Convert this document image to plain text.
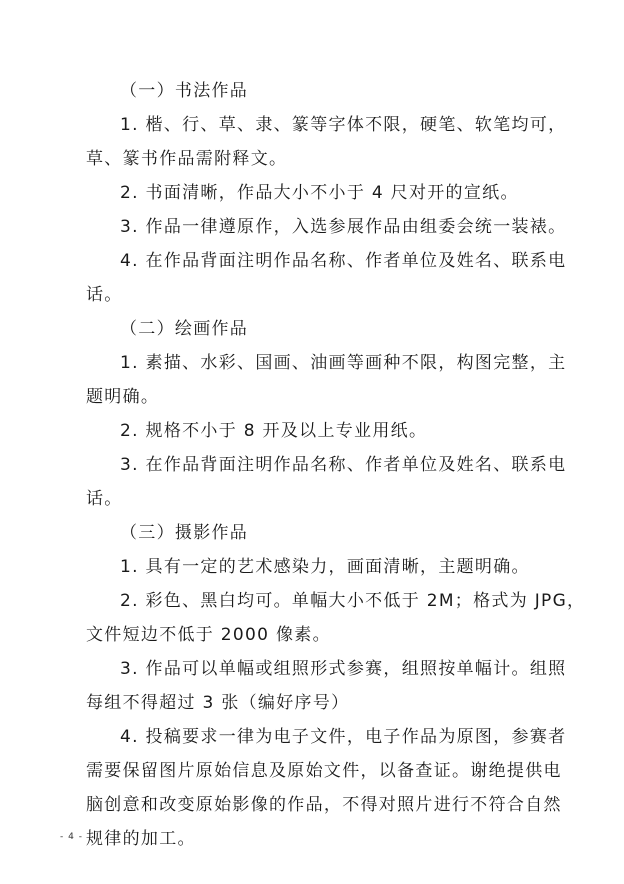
（一）书法作品

1. 楷、行、草、隶、篆等字体不限，硬笔、软笔均可，

草、篆书作品需附释文。

2. 书面清晰，作品大小不小于 4 尺对开的宣纸。

3. 作品一律遵原作，入选参展作品由组委会统一装裱。

4. 在作品背面注明作品名称、作者单位及姓名、联系电

话。

（二）绘画作品

1. 素描、水彩、国画、油画等画种不限，构图完整，主

题明确。

2. 规格不小于 8 开及以上专业用纸。

3. 在作品背面注明作品名称、作者单位及姓名、联系电

话。

（三）摄影作品

1. 具有一定的艺术感染力，画面清晰，主题明确。

2. 彩色、黑白均可。单幅大小不低于 2M；格式为 JPG，

文件短边不低于 2000 像素。

3. 作品可以单幅或组照形式参赛，组照按单幅计。组照

每组不得超过 3 张（编好序号）

4. 投稿要求一律为电子文件，电子作品为原图，参赛者

需要保留图片原始信息及原始文件，以备查证。谢绝提供电

脑创意和改变原始影像的作品，不得对照片进行不符合自然

规律的加工。

- 4 -
